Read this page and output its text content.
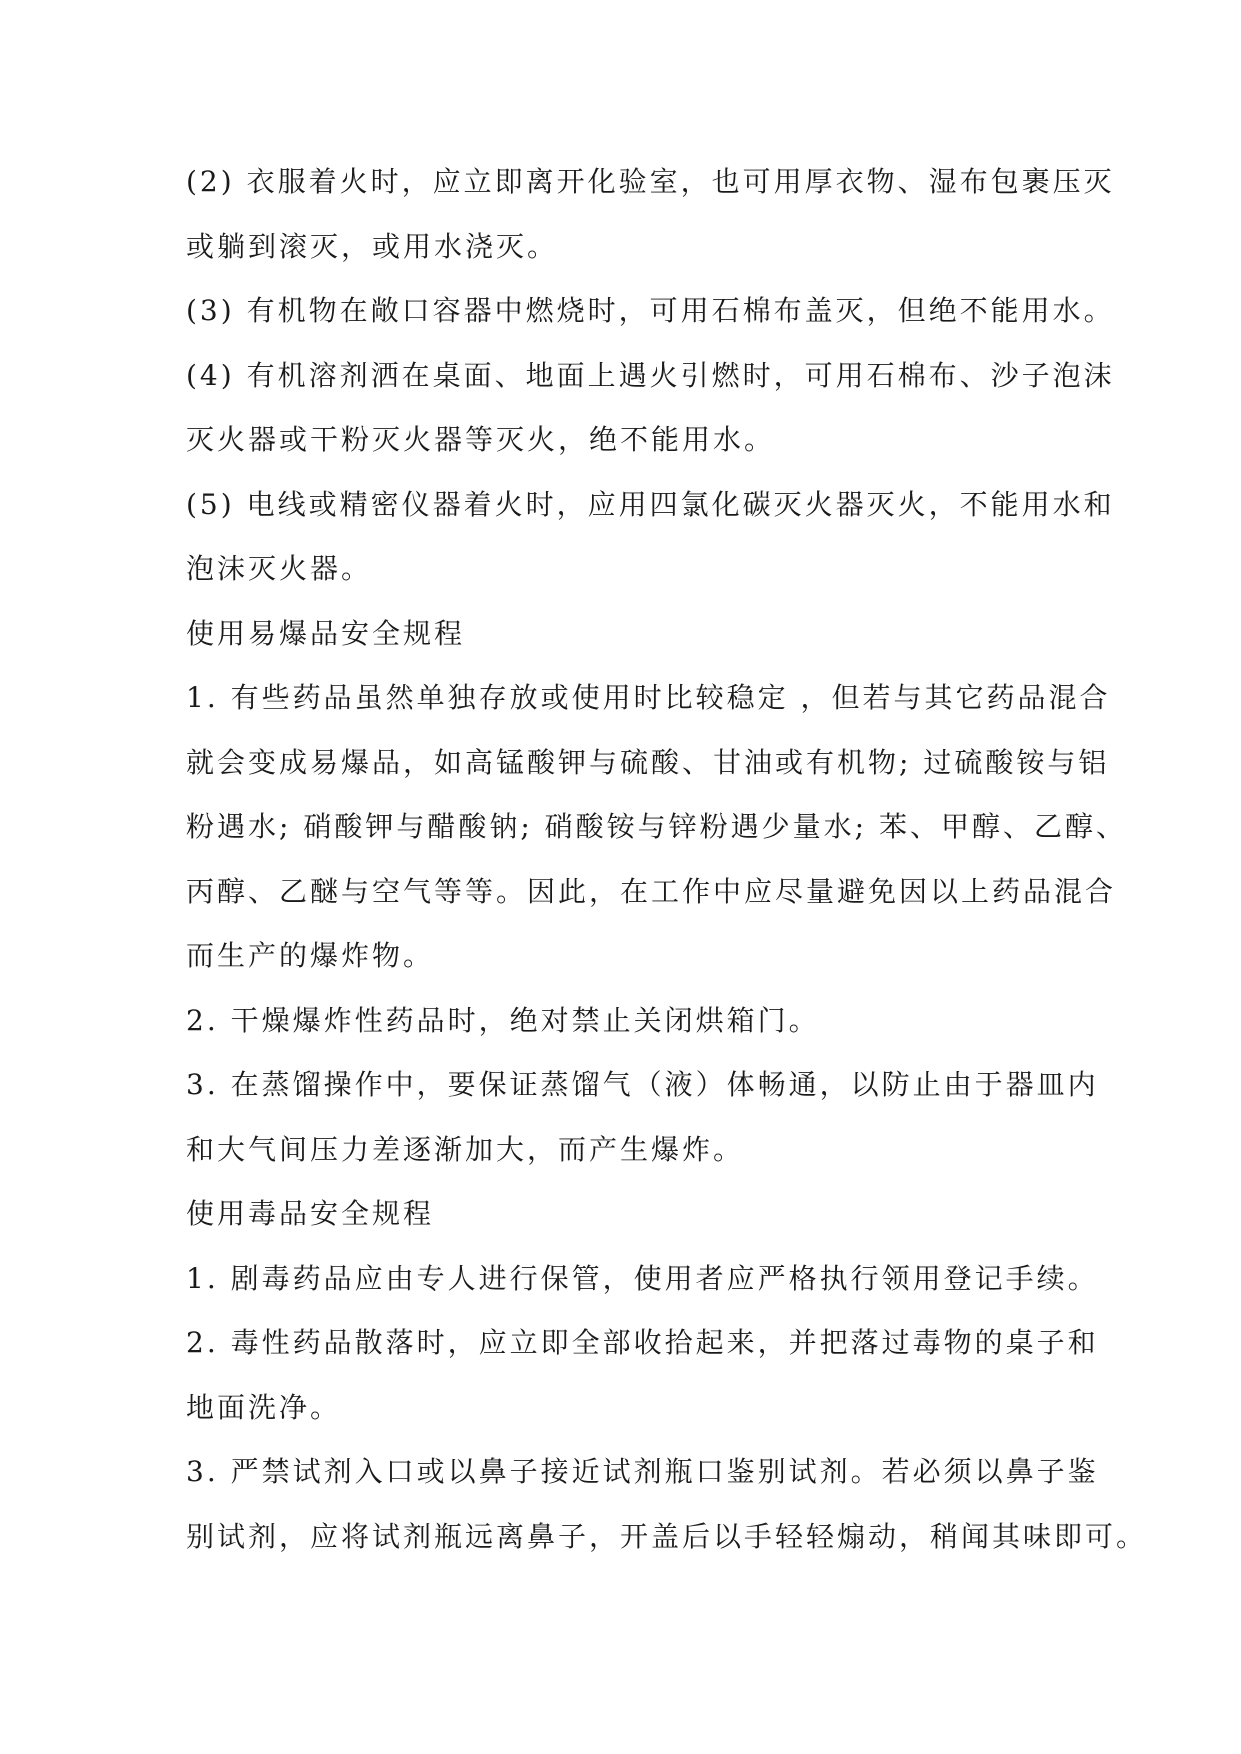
(2) 衣服着火时，应立即离开化验室，也可用厚衣物、湿布包裹压灭
或躺到滚灭，或用水浇灭。
(3) 有机物在敞口容器中燃烧时，可用石棉布盖灭，但绝不能用水。
(4) 有机溶剂洒在桌面、地面上遇火引燃时，可用石棉布、沙子泡沫
灭火器或干粉灭火器等灭火，绝不能用水。
(5) 电线或精密仪器着火时，应用四氯化碳灭火器灭火，不能用水和
泡沫灭火器。
使用易爆品安全规程
1. 有些药品虽然单独存放或使用时比较稳定 ，但若与其它药品混合
就会变成易爆品，如高锰酸钾与硫酸、甘油或有机物; 过硫酸铵与铝
粉遇水; 硝酸钾与醋酸钠; 硝酸铵与锌粉遇少量水; 苯、甲醇、乙醇、
丙醇、乙醚与空气等等。因此，在工作中应尽量避免因以上药品混合
而生产的爆炸物。
2. 干燥爆炸性药品时，绝对禁止关闭烘箱门。
3. 在蒸馏操作中，要保证蒸馏气（液）体畅通，以防止由于器皿内
和大气间压力差逐渐加大，而产生爆炸。
使用毒品安全规程
1. 剧毒药品应由专人进行保管，使用者应严格执行领用登记手续。
2. 毒性药品散落时，应立即全部收拾起来，并把落过毒物的桌子和
地面洗净。
3. 严禁试剂入口或以鼻子接近试剂瓶口鉴别试剂。若必须以鼻子鉴
别试剂，应将试剂瓶远离鼻子，开盖后以手轻轻煽动，稍闻其味即可。
